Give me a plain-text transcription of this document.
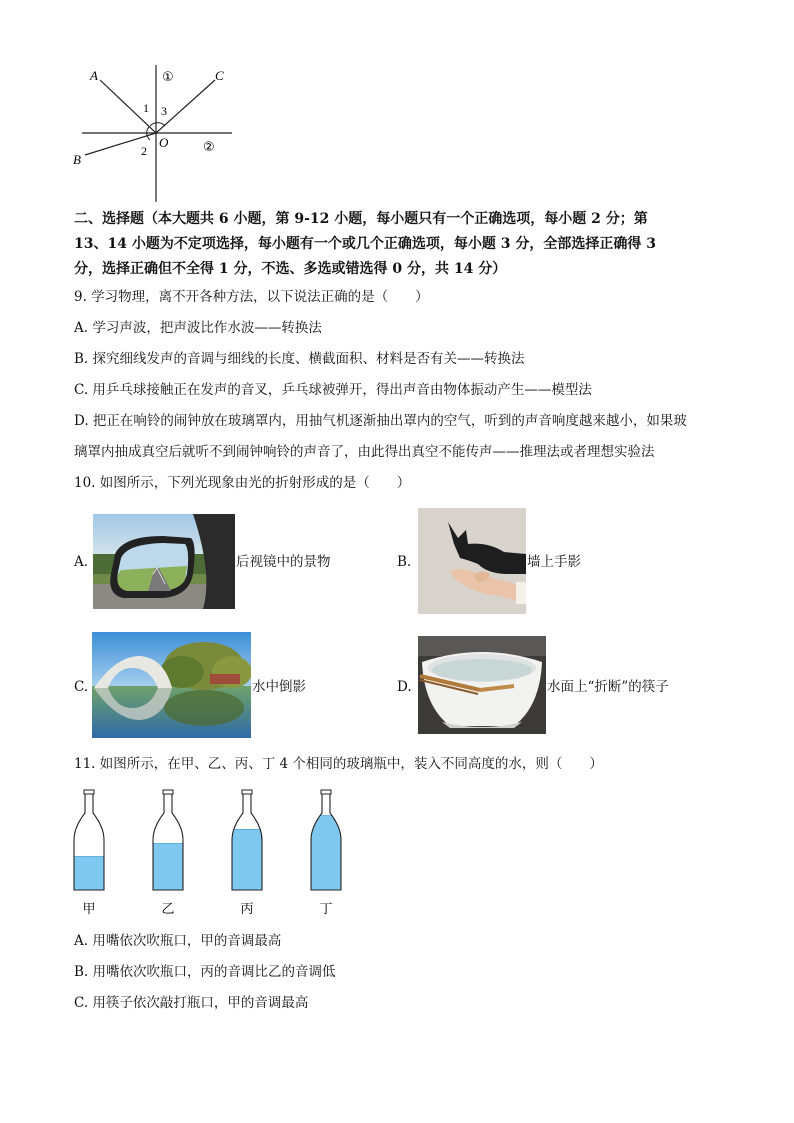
A	C
B
O
1 3
2
①
②
二、选择题（本大题共 6 小题，第 9-12 小题，每小题只有一个正确选项，每小题 2 分；第
13、14 小题为不定项选择，每小题有一个或几个正确选项，每小题 3 分，全部选择正确得 3
分，选择正确但不全得 1 分，不选、多选或错选得 0 分，共 14 分）
9. 学习物理，离不开各种方法，以下说法正确的是（　　）
A. 学习声波，把声波比作水波——转换法
B. 探究细线发声的音调与细线的长度、横截面积、材料是否有关——转换法
C. 用乒乓球接触正在发声的音叉，乒乓球被弹开，得出声音由物体振动产生——模型法
D. 把正在响铃的闹钟放在玻璃罩内，用抽气机逐渐抽出罩内的空气，听到的声音响度越来越小，如果玻
璃罩内抽成真空后就听不到闹钟响铃的声音了，由此得出真空不能传声——推理法或者理想实验法
10. 如图所示，下列光现象由光的折射形成的是（　　）
A.	后视镜中的景物	B.	墙上手影
C.	水中倒影	D.	水面上“折断”的筷子
11. 如图所示，在甲、乙、丙、丁 4 个相同的玻璃瓶中，装入不同高度的水，则（　　）
甲	乙	丙	丁
A. 用嘴依次吹瓶口，甲的音调最高
B. 用嘴依次吹瓶口，丙的音调比乙的音调低
C. 用筷子依次敲打瓶口，甲的音调最高
